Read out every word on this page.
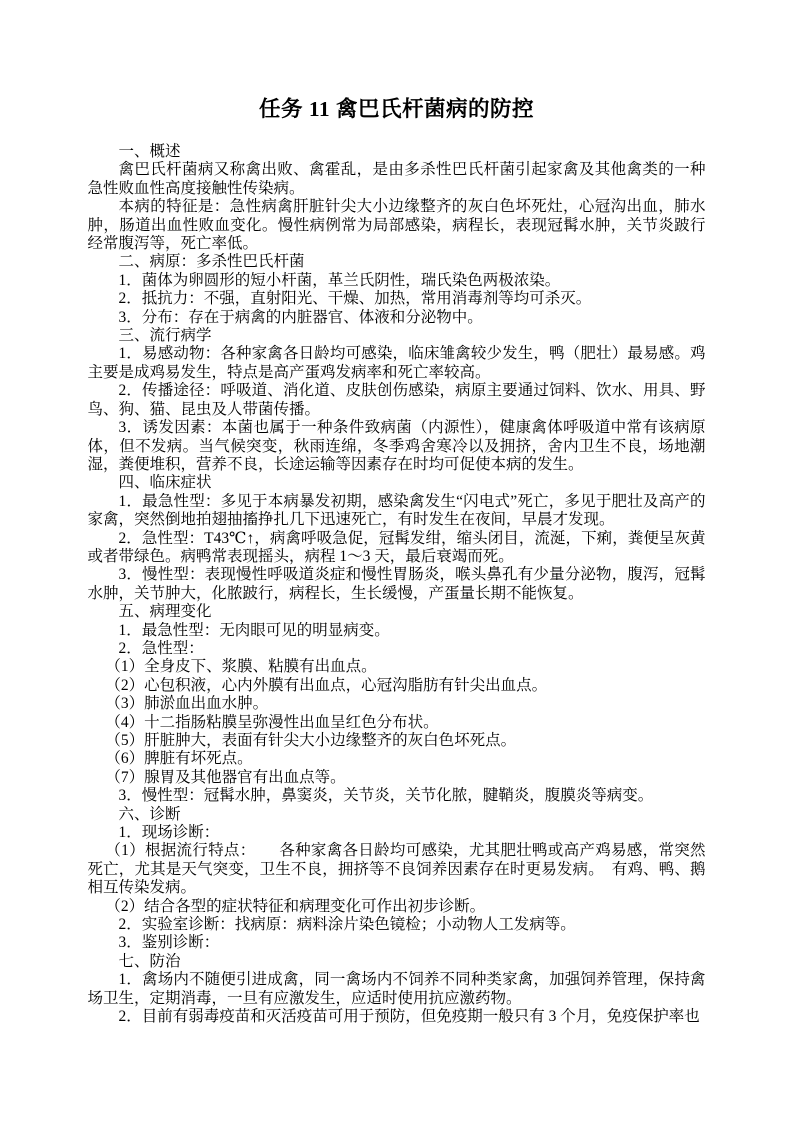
任务 11 禽巴氏杆菌病的防控

一、概述

禽巴氏杆菌病又称禽出败、禽霍乱，是由多杀性巴氏杆菌引起家禽及其他禽类的一种急性败血性高度接触性传染病。

本病的特征是：急性病禽肝脏针尖大小边缘整齐的灰白色坏死灶，心冠沟出血，肺水肿，肠道出血性败血变化。慢性病例常为局部感染，病程长，表现冠髯水肿，关节炎跛行经常腹泻等，死亡率低。

二、病原：多杀性巴氏杆菌

1．菌体为卵圆形的短小杆菌，革兰氏阴性，瑞氏染色两极浓染。

2．抵抗力：不强，直射阳光、干燥、加热，常用消毒剂等均可杀灭。

3．分布：存在于病禽的内脏器官、体液和分泌物中。

三、流行病学

1．易感动物：各种家禽各日龄均可感染，临床雏禽较少发生，鸭（肥壮）最易感。鸡主要是成鸡易发生，特点是高产蛋鸡发病率和死亡率较高。

2．传播途径：呼吸道、消化道、皮肤创伤感染，病原主要通过饲料、饮水、用具、野鸟、狗、猫、昆虫及人带菌传播。

3．诱发因素：本菌也属于一种条件致病菌（内源性），健康禽体呼吸道中常有该病原体，但不发病。当气候突变，秋雨连绵，冬季鸡舍寒冷以及拥挤，舍内卫生不良，场地潮湿，粪便堆积，营养不良，长途运输等因素存在时均可促使本病的发生。

四、临床症状

1．最急性型：多见于本病暴发初期，感染禽发生“闪电式”死亡，多见于肥壮及高产的家禽，突然倒地拍翅抽搐挣扎几下迅速死亡，有时发生在夜间，早晨才发现。

2．急性型：T43℃↑，病禽呼吸急促，冠髯发绀，缩头闭目，流涎，下痢，粪便呈灰黄或者带绿色。病鸭常表现摇头，病程 1～3 天，最后衰竭而死。

3．慢性型：表现慢性呼吸道炎症和慢性胃肠炎，喉头鼻孔有少量分泌物，腹泻，冠髯水肿，关节肿大，化脓跛行，病程长，生长缓慢，产蛋量长期不能恢复。

五、病理变化

1．最急性型：无肉眼可见的明显病变。

2．急性型：

（1）全身皮下、浆膜、粘膜有出血点。

（2）心包积液，心内外膜有出血点，心冠沟脂肪有针尖出血点。

（3）肺淤血出血水肿。

（4）十二指肠粘膜呈弥漫性出血呈红色分布状。

（5）肝脏肿大，表面有针尖大小边缘整齐的灰白色坏死点。

（6）脾脏有坏死点。

（7）腺胃及其他器官有出血点等。

3．慢性型：冠髯水肿，鼻窦炎，关节炎，关节化脓，腱鞘炎，腹膜炎等病变。

六、诊断

1．现场诊断：

（1）根据流行特点：　　各种家禽各日龄均可感染，尤其肥壮鸭或高产鸡易感，常突然死亡，尤其是天气突变，卫生不良，拥挤等不良饲养因素存在时更易发病。　有鸡、鸭、鹅相互传染发病。

（2）结合各型的症状特征和病理变化可作出初步诊断。

2．实验室诊断：找病原：病料涂片染色镜检；小动物人工发病等。

3．鉴别诊断：

七、防治

1．禽场内不随便引进成禽，同一禽场内不饲养不同种类家禽，加强饲养管理，保持禽场卫生，定期消毒，一旦有应激发生，应适时使用抗应激药物。

2．目前有弱毒疫苗和灭活疫苗可用于预防，但免疫期一般只有 3 个月，免疫保护率也
